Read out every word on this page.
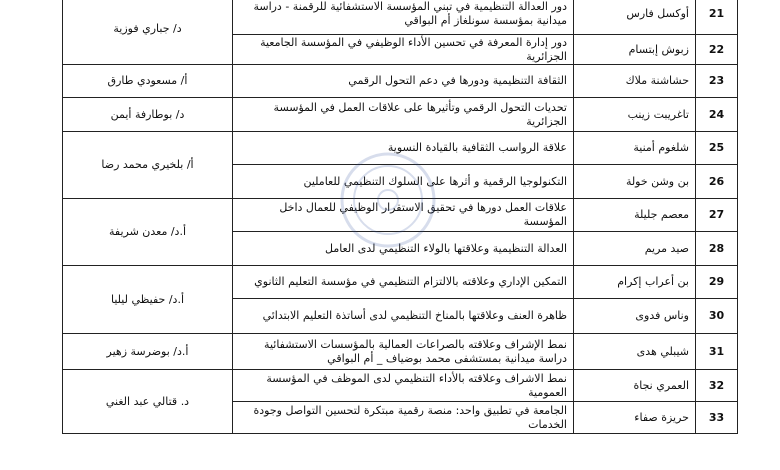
21	أوكسل فارس	دور العدالة التنظيمية في تبني المؤسسة الاستشفائية للرقمنة - دراسة ميدانية بمؤسسة سونلغاز أم البواقي	د/ جباري فوزية
22	زبوش إبتسام	دور إدارة المعرفة في تحسين الأداء الوظيفي في المؤسسة الجامعية الجزائرية	
23	حشاشنة ملاك	الثقافة التنظيمية ودورها في دعم التحول الرقمي	أ/ مسعودي طارق
24	تاغريبت زينب	تحديات التحول الرقمي وتأثيرها على علاقات العمل في المؤسسة الجزائرية	د/ بوطارفة أيمن
25	شلغوم أمنية	علاقة الرواسب الثقافية بالقيادة النسوية	أ/ بلخيري محمد رضا
26	بن وشن خولة	التكنولوجيا الرقمية و أثرها على السلوك التنظيمي للعاملين	
27	معصم جليلة	علاقات العمل دورها في تحقيق الاستقرار الوظيفي للعمال داخل المؤسسة	أ.د/ معدن شريفة
28	صيد مريم	العدالة التنظيمية وعلاقتها بالولاء التنظيمي لدى العامل	
29	بن أعراب إكرام	التمكين الإداري وعلاقته بالالتزام التنظيمي في مؤسسة التعليم الثانوي	أ.د/ حفيظي ليليا
30	وناس فدوى	ظاهرة العنف وعلاقتها بالمناخ التنظيمي لدى أساتذة التعليم الابتدائي	
31	شيبلي هدى	نمط الإشراف وعلاقته بالصراعات العمالية بالمؤسسات الاستشفائية دراسة ميدانية بمستشفى محمد بوضياف _ أم البواقي	أ.د/ بوضرسة زهير
32	العمري نجاة	نمط الاشراف وعلاقته بالأداء التنظيمي لدى الموظف في المؤسسة العمومية	د. قتالي عبد الغني
33	حريزة صفاء	الجامعة في تطبيق واحد: منصة رقمية مبتكرة لتحسين التواصل وجودة الخدمات	
